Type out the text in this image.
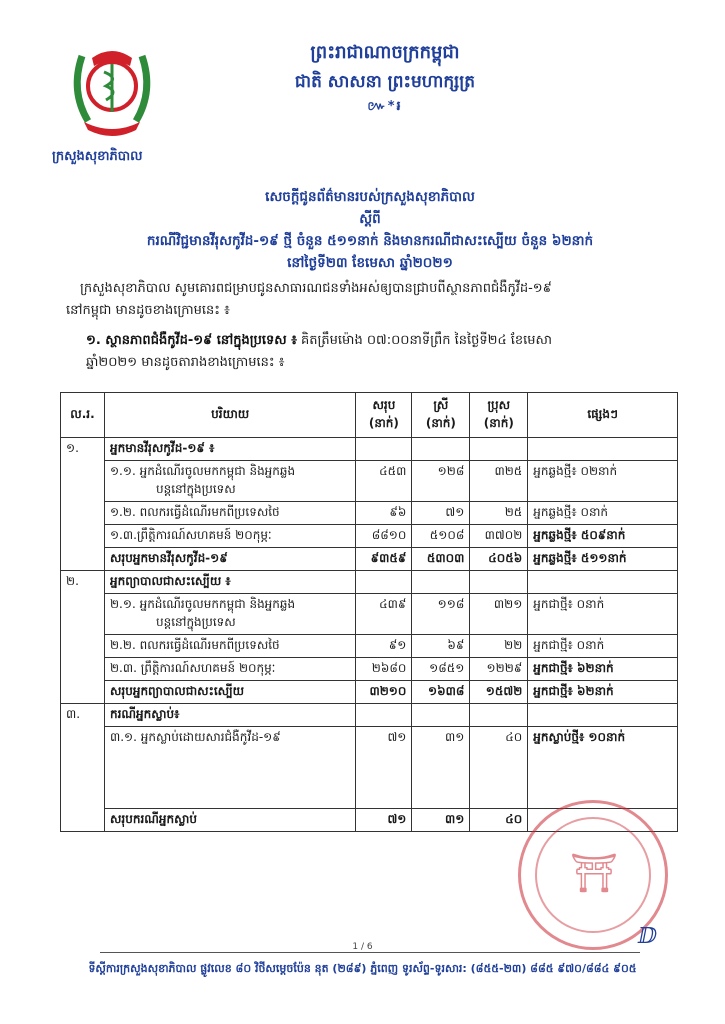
ក្រសួងសុខាភិបាល
ព្រះរាជាណាចក្រកម្ពុជា
ជាតិ សាសនា ព្រះមហាក្សត្រ
៚*៛
សេចក្តីជូនព័ត៌មានរបស់ក្រសួងសុខាភិបាល
ស្តីពី
ករណីវិជ្ជមានវីរុសកូវីដ-១៩ ថ្មី ចំនួន ៥១១នាក់ និងមានករណីជាសះស្បើយ ចំនួន ៦២នាក់
នៅថ្ងៃទី២៣ ខែមេសា ឆ្នាំ២០២១
ក្រសួងសុខាភិបាល សូមគោរពជម្រាបជូនសាធារណជនទាំងអស់ឲ្យបានជ្រាបពីស្ថានភាពជំងឺកូវីដ-១៩
នៅកម្ពុជា មានដូចខាងក្រោមនេះ ៖
១. ស្ថានភាពជំងឺកូវីដ-១៩ នៅក្នុងប្រទេស ៖ គិតត្រឹមម៉ោង ០៧:០០នាទីព្រឹក នៃថ្ងៃទី២៤ ខែមេសា
ឆ្នាំ២០២១ មានដូចតារាងខាងក្រោមនេះ ៖
ល.រ.	បរិយាយ	សរុប (នាក់)	ស្រី (នាក់)	ប្រុស (នាក់)	ផ្សេងៗ
១.	អ្នកមានវីរុសកូវីដ-១៩ ៖				

	១.១. អ្នកដំណើរចូលមកកម្ពុជា និងអ្នកឆ្លង
បន្តនៅក្នុងប្រទេស	៤៥៣	១២៨	៣២៥	អ្នកឆ្លងថ្មី៖ ០២នាក់
	១.២. ពលករធ្វើដំណើរមកពីប្រទេសថៃ	៩៦	៧១	២៥	អ្នកឆ្លងថ្មី៖ ០នាក់
	១.៣.ព្រឹត្តិការណ៍សហគមន៍ ២០កុម្ភៈ	៨៨១០	៥១០៨	៣៧០២	អ្នកឆ្លងថ្មី៖ ៥០៩នាក់
	សរុបអ្នកមានវីរុសកូវីដ-១៩	៩៣៥៩	៥៣០៣	៤០៥៦	អ្នកឆ្លងថ្មី៖ ៥១១នាក់
២.	អ្នកព្យាបាលជាសះស្បើយ ៖				

	២.១. អ្នកដំណើរចូលមកកម្ពុជា និងអ្នកឆ្លង
បន្តនៅក្នុងប្រទេស	៤៣៩	១១៨	៣២១	អ្នកជាថ្មី៖ ០នាក់
	២.២. ពលករធ្វើដំណើរមកពីប្រទេសថៃ	៩១	៦៩	២២	អ្នកជាថ្មី៖ ០នាក់
	២.៣. ព្រឹត្តិការណ៍សហគមន៍ ២០កុម្ភៈ	២៦៨០	១៨៥១	១២២៩	អ្នកជាថ្មី៖ ៦២នាក់
	សរុបអ្នកព្យាបាលជាសះស្បើយ	៣២១០	១៦៣៨	១៥៧២	អ្នកជាថ្មី៖ ៦២នាក់
៣.	ករណីអ្នកស្លាប់៖				
	៣.១. អ្នកស្លាប់ដោយសារជំងឺកូវីដ-១៩	៧១	៣១	៤០	អ្នកស្លាប់ថ្មី៖ ១០នាក់
	សរុបករណីអ្នកស្លាប់	៧១	៣១	៤០	
⛩
ⅅ
1 / 6
ទីស្តីការក្រសួងសុខាភិបាល ផ្លូវលេខ ៨០ វិថីសម្តេចប៉ែន នុត (២៨៩) ភ្នំពេញ ទូរស័ព្ទ-ទូរសារ: (៨៥៥-២៣) ៨៨៥ ៩៧០/៨៨៤ ៩០៥
